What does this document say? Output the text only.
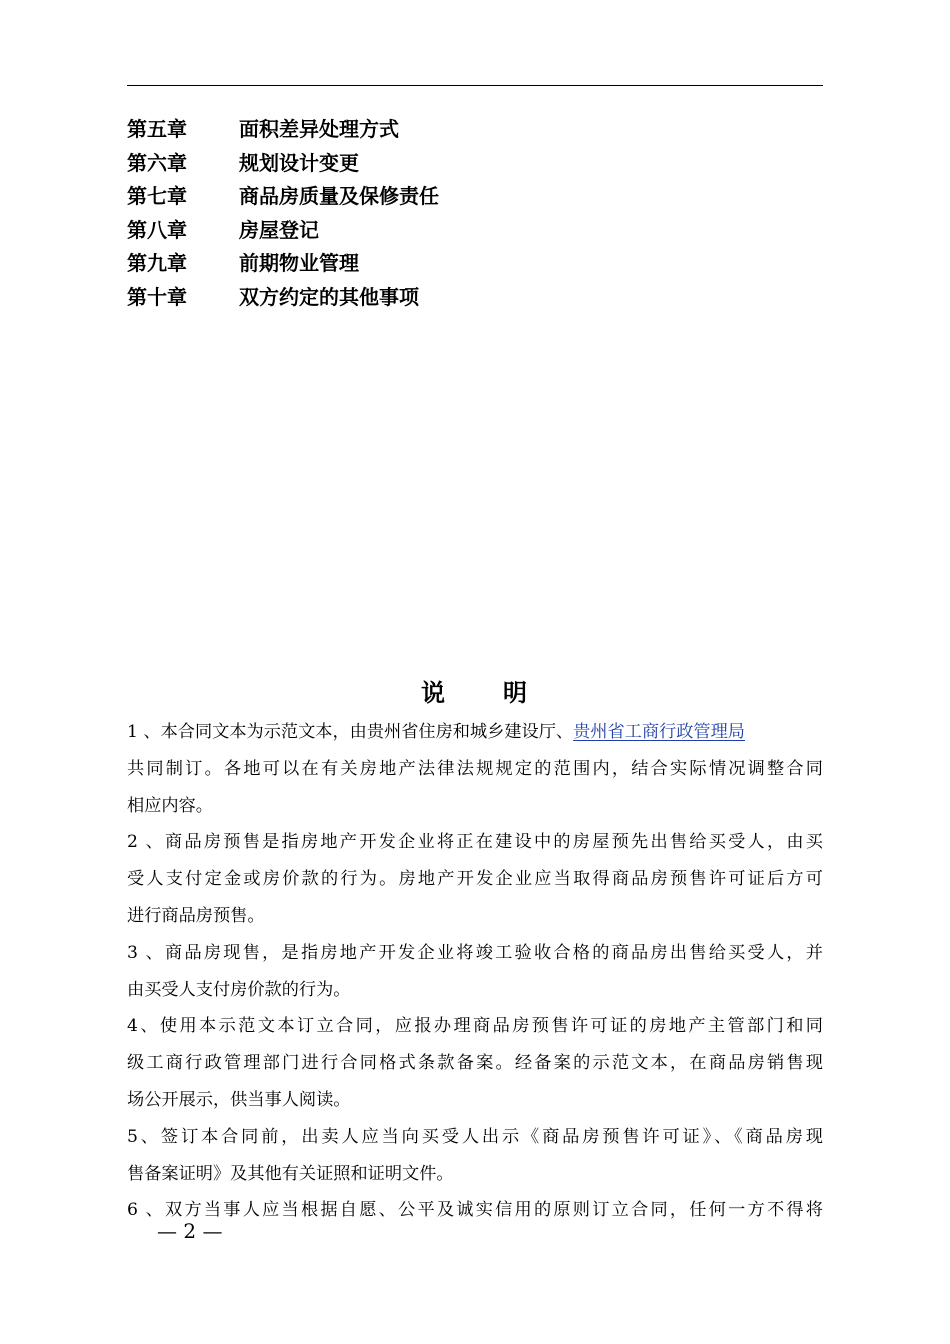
第五章	面积差异处理方式
第六章	规划设计变更
第七章	商品房质量及保修责任
第八章	房屋登记
第九章	前期物业管理
第十章	双方约定的其他事项
说 明
1 、本合同文本为示范文本，由贵州省住房和城乡建设厅、贵州省工商行政管理局
共同制订。各地可以在有关房地产法律法规规定的范围内，结合实际情况调整合同
相应内容。
2 、商品房预售是指房地产开发企业将正在建设中的房屋预先出售给买受人，由买
受人支付定金或房价款的行为。房地产开发企业应当取得商品房预售许可证后方可
进行商品房预售。
3 、商品房现售，是指房地产开发企业将竣工验收合格的商品房出售给买受人，并
由买受人支付房价款的行为。
4、使用本示范文本订立合同，应报办理商品房预售许可证的房地产主管部门和同
级工商行政管理部门进行合同格式条款备案。经备案的示范文本，在商品房销售现
场公开展示，供当事人阅读。
5、签订本合同前，出卖人应当向买受人出示《商品房预售许可证》、《商品房现
售备案证明》及其他有关证照和证明文件。
6 、双方当事人应当根据自愿、公平及诚实信用的原则订立合同，任何一方不得将
— 2 —
